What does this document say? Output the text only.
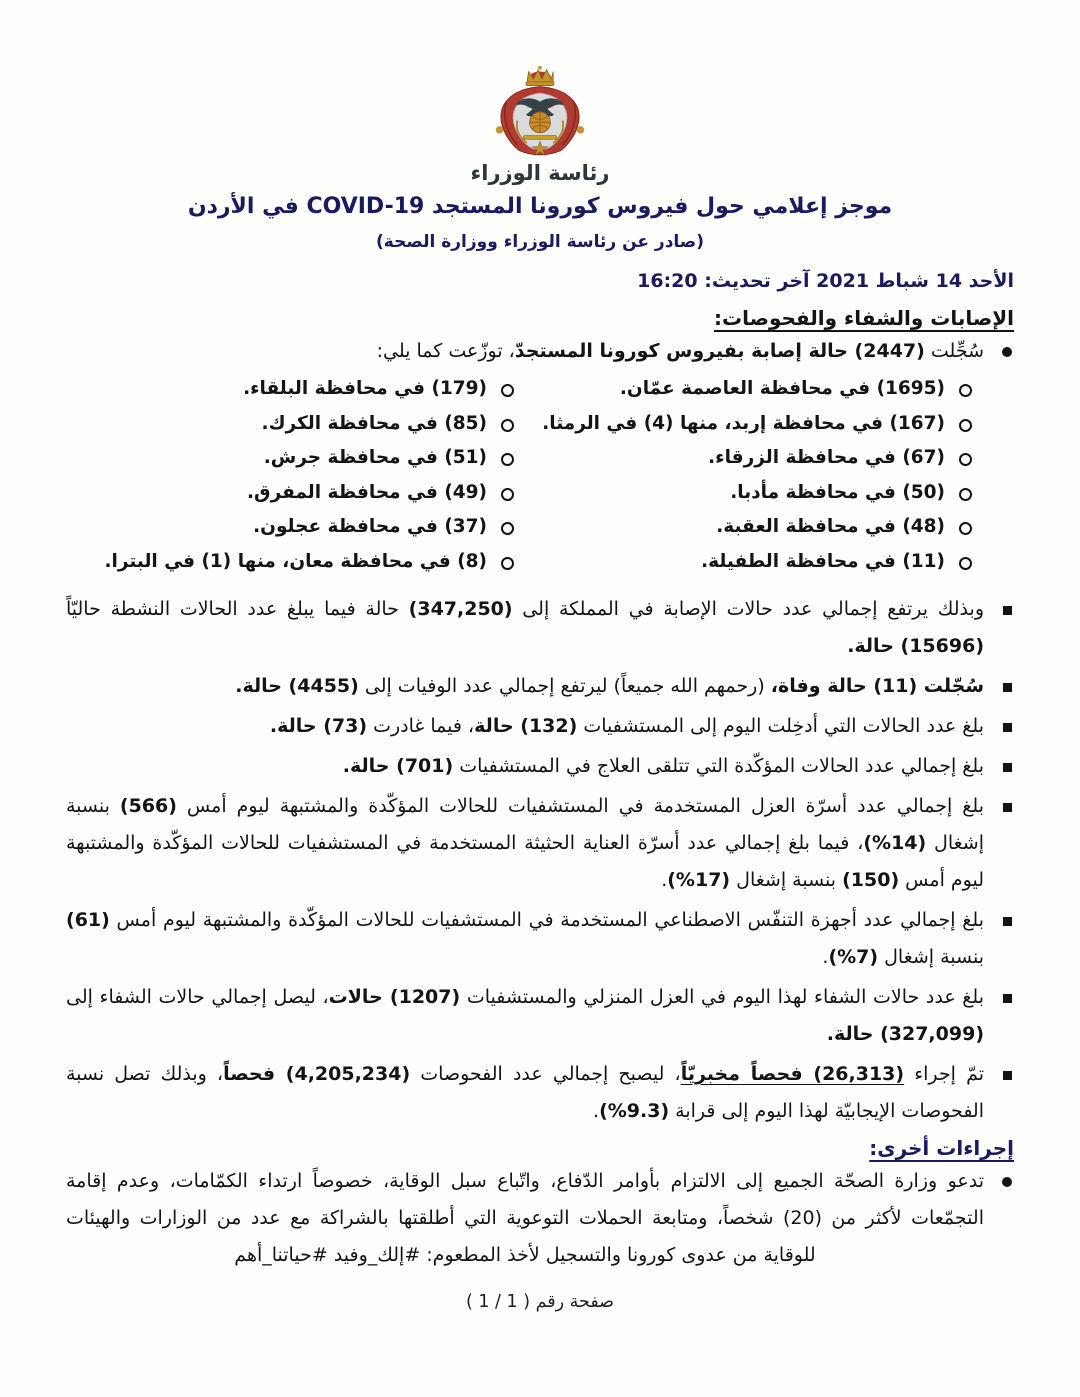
رئاسة الوزراء
موجز إعلامي حول فيروس كورونا المستجد COVID-19 في الأردن
(صادر عن رئاسة الوزراء ووزارة الصحة)
الأحد 14 شباط 2021 آخر تحديث: 16:20
الإصابات والشفاء والفحوصات:

سُجِّلت (2447) حالة إصابة بفيروس كورونا المستجدّ، توزّعت كما يلي:

(1695) في محافظة العاصمة عمّان.
(167) في محافظة إربد، منها (4) في الرمثا.
(67) في محافظة الزرقاء.
(50) في محافظة مأدبا.
(48) في محافظة العقبة.
(11) في محافظة الطفيلة.
(179) في محافظة البلقاء.
(85) في محافظة الكرك.
(51) في محافظة جرش.
(49) في محافظة المفرق.
(37) في محافظة عجلون.
(8) في محافظة معان، منها (1) في البترا.

وبذلك يرتفع إجمالي عدد حالات الإصابة في المملكة إلى (347,250) حالة فيما يبلغ عدد الحالات النشطة حاليّاً (15696) حالة.

سُجّلت (11) حالة وفاة، (رحمهم الله جميعاً) ليرتفع إجمالي عدد الوفيات إلى (4455) حالة.

بلغ عدد الحالات التي أدخِلت اليوم إلى المستشفيات (132) حالة، فيما غادرت (73) حالة.

بلغ إجمالي عدد الحالات المؤكّدة التي تتلقى العلاج في المستشفيات (701) حالة.

بلغ إجمالي عدد أسرّة العزل المستخدمة في المستشفيات للحالات المؤكّدة والمشتبهة ليوم أمس (566) بنسبة إشغال (%14)، فيما بلغ إجمالي عدد أسرّة العناية الحثيثة المستخدمة في المستشفيات للحالات المؤكّدة والمشتبهة ليوم أمس (150) بنسبة إشغال (%17).

بلغ إجمالي عدد أجهزة التنفّس الاصطناعي المستخدمة في المستشفيات للحالات المؤكّدة والمشتبهة ليوم أمس (61) بنسبة إشغال (%7).

بلغ عدد حالات الشفاء لهذا اليوم في العزل المنزلي والمستشفيات (1207) حالات، ليصل إجمالي حالات الشفاء إلى (327,099) حالة.

تمّ إجراء (26,313) فحصاً مخبريّاً، ليصبح إجمالي عدد الفحوصات (4,205,234) فحصاً، وبذلك تصل نسبة الفحوصات الإيجابيّة لهذا اليوم إلى قرابة (%9.3).

إجراءات أخرى:

تدعو وزارة الصحّة الجميع إلى الالتزام بأوامر الدّفاع، واتّباع سبل الوقاية، خصوصاً ارتداء الكمّامات، وعدم إقامة التجمّعات لأكثر من (20) شخصاً، ومتابعة الحملات التوعوية التي أطلقتها بالشراكة مع عدد من الوزارات والهيئات للوقاية من عدوى كورونا والتسجيل لأخذ المطعوم: #إلك_وفيد #حياتنا_أهم

صفحة رقم ( 1 / 1 )
